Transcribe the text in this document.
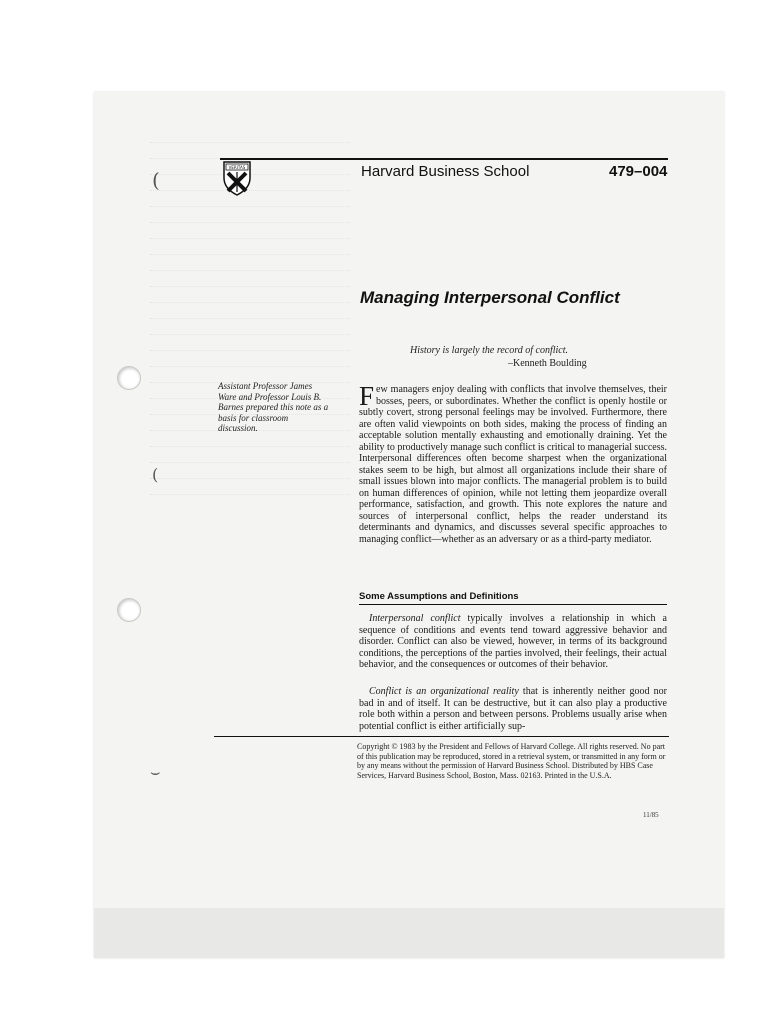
(
(
⌣
VERITAS	Harvard Business School	479–004
Managing Interpersonal Conflict
History is largely the record of conflict.
–Kenneth Boulding
Assistant Professor James Ware and Professor Louis B. Barnes prepared this note as a basis for classroom discussion.
Few managers enjoy dealing with conflicts that involve themselves, their bosses, peers, or subordinates. Whether the conflict is openly hostile or subtly covert, strong personal feelings may be involved. Furthermore, there are often valid viewpoints on both sides, making the process of finding an acceptable solution mentally exhausting and emotionally draining. Yet the ability to productively manage such conflict is critical to managerial success. Interpersonal differences often become sharpest when the organizational stakes seem to be high, but almost all organizations include their share of small issues blown into major conflicts. The managerial problem is to build on human differences of opinion, while not letting them jeopardize overall performance, satisfaction, and growth. This note explores the nature and sources of interpersonal conflict, helps the reader understand its determinants and dynamics, and discusses several specific approaches to managing conflict—whether as an adversary or as a third-party mediator.
Some Assumptions and Definitions
Interpersonal conflict typically involves a relationship in which a sequence of conditions and events tend toward aggressive behavior and disorder. Conflict can also be viewed, however, in terms of its background conditions, the perceptions of the parties involved, their feelings, their actual behavior, and the consequences or outcomes of their behavior.
Conflict is an organizational reality that is inherently neither good nor bad in and of itself. It can be destructive, but it can also play a productive role both within a person and between persons. Problems usually arise when potential conflict is either artificially sup-
Copyright © 1983 by the President and Fellows of Harvard College. All rights reserved. No part of this publication may be reproduced, stored in a retrieval system, or transmitted in any form or by any means without the permission of Harvard Business School. Distributed by HBS Case Services, Harvard Business School, Boston, Mass. 02163. Printed in the U.S.A.
11/85
